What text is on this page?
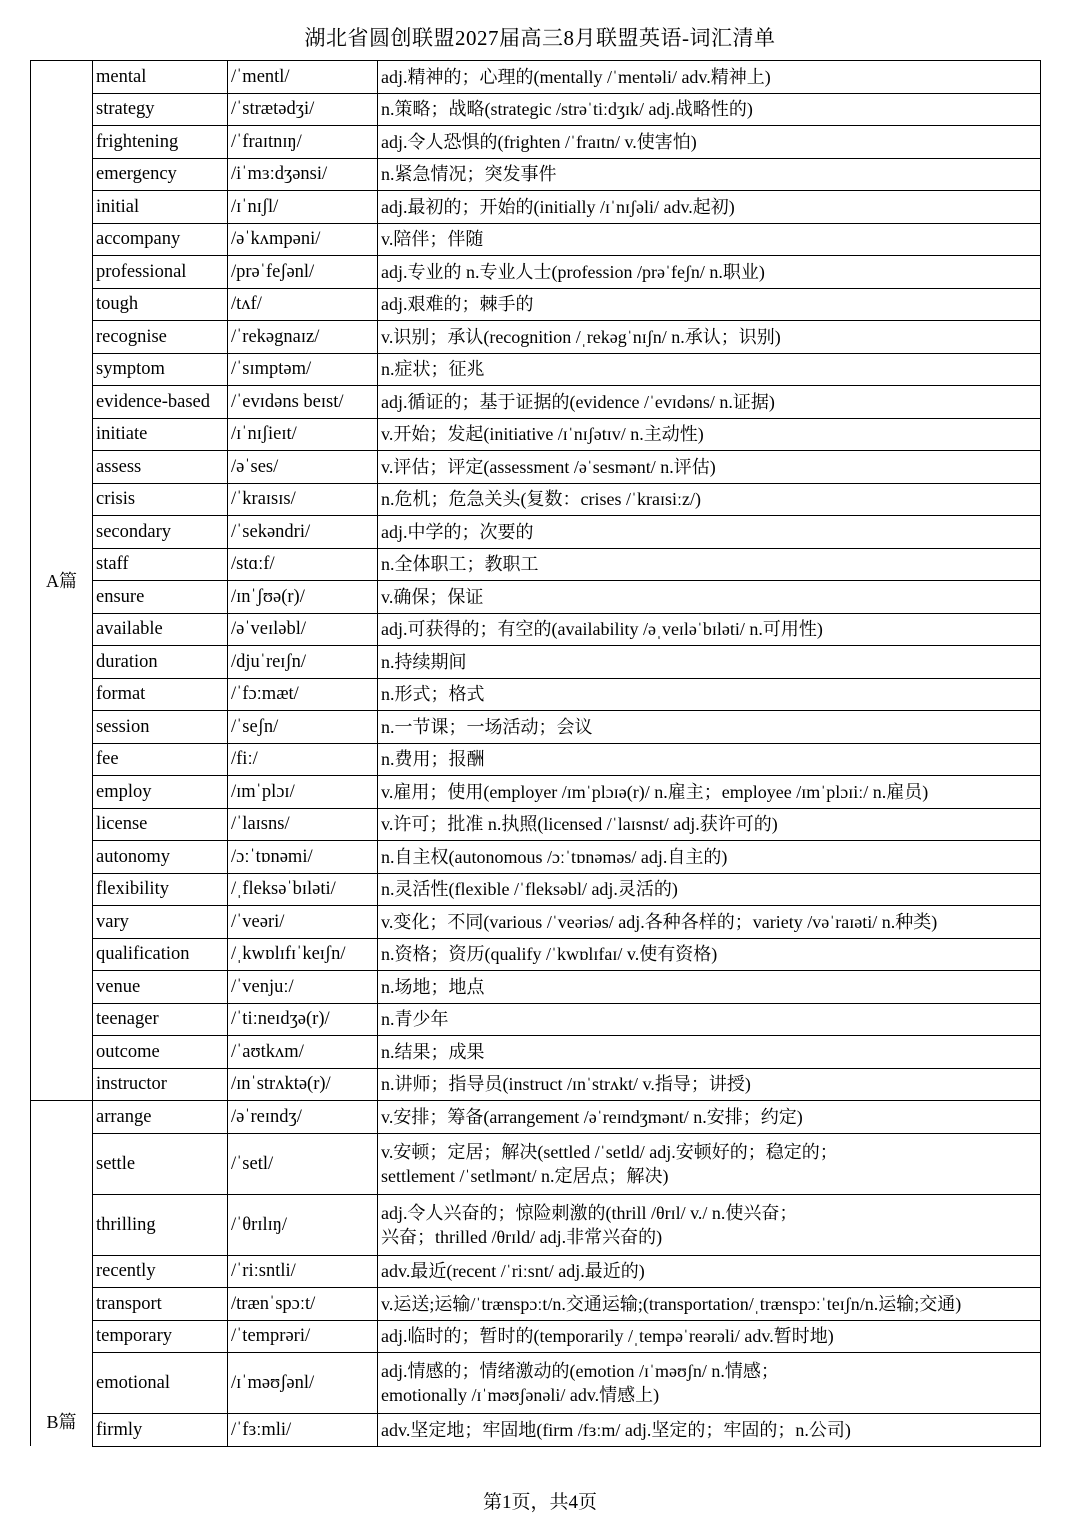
湖北省圆创联盟2027届高三8月联盟英语-词汇清单
A篇	mental	/ˈmentl/	adj.精神的；心理的(mentally /ˈmentəli/ adv.精神上)
	strategy	/ˈstrætədʒi/	n.策略；战略(strategic /strəˈtiːdʒɪk/ adj.战略性的)
	frightening	/ˈfraɪtnɪŋ/	adj.令人恐惧的(frighten /ˈfraɪtn/ v.使害怕)
	emergency	/iˈmɜːdʒənsi/	n.紧急情况；突发事件
	initial	/ɪˈnɪʃl/	adj.最初的；开始的(initially /ɪˈnɪʃəli/ adv.起初)
	accompany	/əˈkʌmpəni/	v.陪伴；伴随
	professional	/prəˈfeʃənl/	adj.专业的 n.专业人士(profession /prəˈfeʃn/ n.职业)
	tough	/tʌf/	adj.艰难的；棘手的
	recognise	/ˈrekəgnaɪz/	v.识别；承认(recognition /ˌrekəgˈnɪʃn/ n.承认；识别)
	symptom	/ˈsɪmptəm/	n.症状；征兆
	evidence-based	/ˈevɪdəns beɪst/	adj.循证的；基于证据的(evidence /ˈevɪdəns/ n.证据)
	initiate	/ɪˈnɪʃieɪt/	v.开始；发起(initiative /ɪˈnɪʃətɪv/ n.主动性)
	assess	/əˈses/	v.评估；评定(assessment /əˈsesmənt/ n.评估)
	crisis	/ˈkraɪsɪs/	n.危机；危急关头(复数：crises /ˈkraɪsiːz/)
	secondary	/ˈsekəndri/	adj.中学的；次要的
	staff	/stɑːf/	n.全体职工；教职工
	ensure	/ɪnˈʃʊə(r)/	v.确保；保证
	available	/əˈveɪləbl/	adj.可获得的；有空的(availability /əˌveɪləˈbɪləti/ n.可用性)
	duration	/djuˈreɪʃn/	n.持续期间
	format	/ˈfɔːmæt/	n.形式；格式
	session	/ˈseʃn/	n.一节课；一场活动；会议
	fee	/fiː/	n.费用；报酬
	employ	/ɪmˈplɔɪ/	v.雇用；使用(employer /ɪmˈplɔɪə(r)/ n.雇主；employee /ɪmˈplɔɪiː/ n.雇员)
	license	/ˈlaɪsns/	v.许可；批准 n.执照(licensed /ˈlaɪsnst/ adj.获许可的)
	autonomy	/ɔːˈtɒnəmi/	n.自主权(autonomous /ɔːˈtɒnəməs/ adj.自主的)
	flexibility	/ˌfleksəˈbɪləti/	n.灵活性(flexible /ˈfleksəbl/ adj.灵活的)
	vary	/ˈveəri/	v.变化；不同(various /ˈveəriəs/ adj.各种各样的；variety /vəˈraɪəti/ n.种类)
	qualification	/ˌkwɒlɪfɪˈkeɪʃn/	n.资格；资历(qualify /ˈkwɒlɪfaɪ/ v.使有资格)
	venue	/ˈvenjuː/	n.场地；地点
	teenager	/ˈtiːneɪdʒə(r)/	n.青少年
	outcome	/ˈaʊtkʌm/	n.结果；成果
	instructor	/ɪnˈstrʌktə(r)/	n.讲师；指导员(instruct /ɪnˈstrʌkt/ v.指导；讲授)
B篇	arrange	/əˈreɪndʒ/	v.安排；筹备(arrangement /əˈreɪndʒmənt/ n.安排；约定)
	settle	/ˈsetl/	v.安顿；定居；解决(settled /ˈsetld/ adj.安顿好的；稳定的；
settlement /ˈsetlmənt/ n.定居点；解决)
	thrilling	/ˈθrɪlɪŋ/	adj.令人兴奋的；惊险刺激的(thrill /θrɪl/ v./ n.使兴奋；
兴奋；thrilled /θrɪld/ adj.非常兴奋的)
	recently	/ˈriːsntli/	adv.最近(recent /ˈriːsnt/ adj.最近的)
	transport	/trænˈspɔːt/	v.运送;运输/ˈtrænspɔːt/n.交通运输;(transportation/ˌtrænspɔːˈteɪʃn/n.运输;交通)
	temporary	/ˈtemprəri/	adj.临时的；暂时的(temporarily /ˌtempəˈreərəli/ adv.暂时地)
	emotional	/ɪˈməʊʃənl/	adj.情感的；情绪激动的(emotion /ɪˈməʊʃn/ n.情感；
emotionally /ɪˈməʊʃənəli/ adv.情感上)
	firmly	/ˈfɜːmli/	adv.坚定地；牢固地(firm /fɜːm/ adj.坚定的；牢固的；n.公司)
第1页，共4页
